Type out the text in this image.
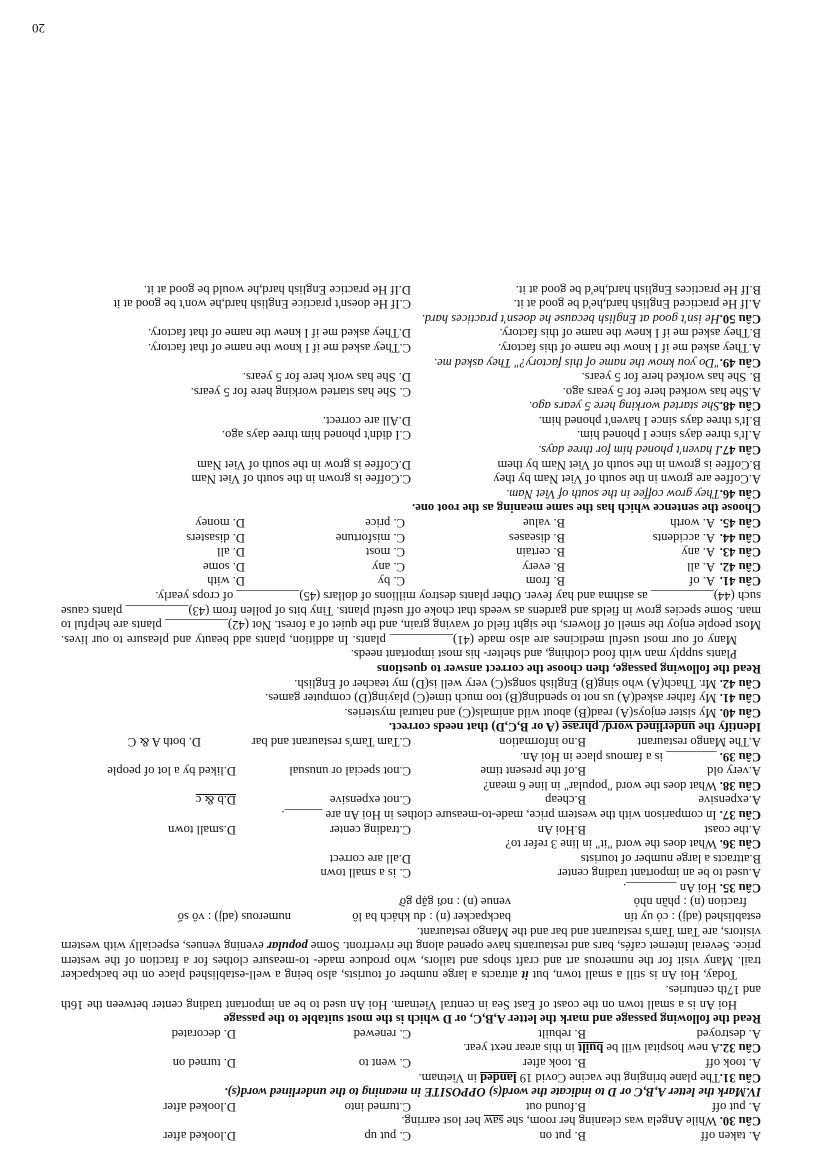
A. taken off
B. put on
C. put up
D.looked after
Câu 30. While Angela was cleaning her room, she saw her lost earring.
A. put off
B.found out
C.turned into
D.looked after
IV.Mark the letter A,B,C or D to indicate the word(s) OPPOSITE in meaning to the underlined word(s).
Câu 31.The plane bringing the vacine Covid 19 landed in Vietnam.
A. took off
B. took after
C. went to
D. turned on
Câu 32.A new hospital will be built in this arear next year.
A. destroyed
B. rebuilt
C. renewed
D. decorated
Read the following passage and mark the letter A,B,C, or D which is the most suitable to the passage
Hoi An is a small town on the coast of East Sea in central Vietnam. Hoi An used to be an important trading center between the 16th and 17th centuries.
Today, Hoi An is still a small town, but it attracts a large number of tourists, also being a well-established place on the backpacker trail. Many visit for the numerous art and craft shops and tailors, who produce made- to-measure clothes for a fraction of the western price. Several Internet cafés, bars and restaurants have opened along the riverfront. Some popular evening venues, especially with western visitors, are Tam Tam's restaurant and bar and the Mango restaurant.
established (adj) : có uy tín
backpacker (n) : du khách ba lô
numerous (adj) : vô số
fraction (n) : phần nhỏ
venue (n) : nơi gặp gỡ
Câu 35. Hoi An ________.
A.used to be an important trading center
C. is a small town
B.attracts a large number of tourists
D.all are correct
Câu 36. What does the word "it" in line 3 refer to?
A.the coast
B.Hoi An
C.trading center
D.small town
Câu 37. In comparison with the western price, made-to-measure clothes in Hoi An are ______.
A.expensive
B.cheap
C.not expensive
D.b & c
Câu 38. What does the word "popular" in line 6 mean?
A.very old
B.of the present time
C.not special or unusual
D.liked by a lot of people
Câu 39. ________ is a famous place in Hoi An.
A.The Mango restaurant
B.no information
C.Tam Tam's restaurant and bar
D. both A & C
Identify the underlined word/ phrase (A or B,C,D) that needs correct.
Câu 40. My sister enjoys(A) read(B) about wild animals(C) and natural mysteries.
Câu 41. My father asked(A) us not to spending(B) too much time(C) playing(D) computer games.
Câu 42. Mr. Thach(A) who sing(B) English songs(C) very well is(D) my teacher of English.
Read the following passage, then choose the correct answer to questions
Plants supply man with food clothing, and shelter- his most important needs.
Many of our most useful medicines are also made (41)__________ plants. In addition, plants add beauty and pleasure to our lives. Most people enjoy the smell of flowers, the sight field of waving grain, and the quiet of a forest. Not (42)__________ plants are helpful to man. Some species grow in fields and gardens as weeds that choke off useful plants. Tiny bits of pollen from (43)__________ plants cause such (44)__________ as asthma and hay fever. Other plants destroy millions of dollars (45)__________ of crops yearly.
Câu 41.
A. of
B. from
C. by
D. with
Câu 42.
A. all
B. every
C. any
D. some
Câu 43.
A. any
B. certain
C. most
D. all
Câu 44.
A. accidents
B. diseases
C. misfortune
D. disasters
Câu 45.
A. worth
B. value
C. price
D. money
Choose the sentence which has the same meaning as the root one.
Câu 46.They grow coffee in the south of Viet Nam.
A.Coffee are grown in the south of Viet Nam by they
C.Coffee is grown in the south of Viet Nam
B.Coffee is grown in the south of Viet Nam by them
D.Coffee is grow in the south of Viet Nam
Câu 47.I haven't phoned him for three days.
A.It's three days since I phoned him.
C.I didn't phoned him three days ago.
B.It's three days since I haven't phoned him.
D.All are correct.
Câu 48.She started working here 5 years ago.
A.She has worked here for 5 years ago.
C. She has started working here for 5 years.
B. She has worked here for 5 years.
D. She has work here for 5 years.
Câu 49."Do you know the name of this factory?" They asked me.
A.They asked me if I know the name of this factory.
C.They asked me if I know the name of that factory.
B.They asked me if I knew the name of this factory.
D.They asked me if I knew the name of that factory.
Câu 50.He isn't good at English because he doesn't practices hard.
A.If He practiced English hard,he'd be good at it.
C.If He doesn't practice English hard,he won't be good at it
B.If He practices English hard,he'd be good at it.
D.If He practice English hard,he would be good at it.
20
